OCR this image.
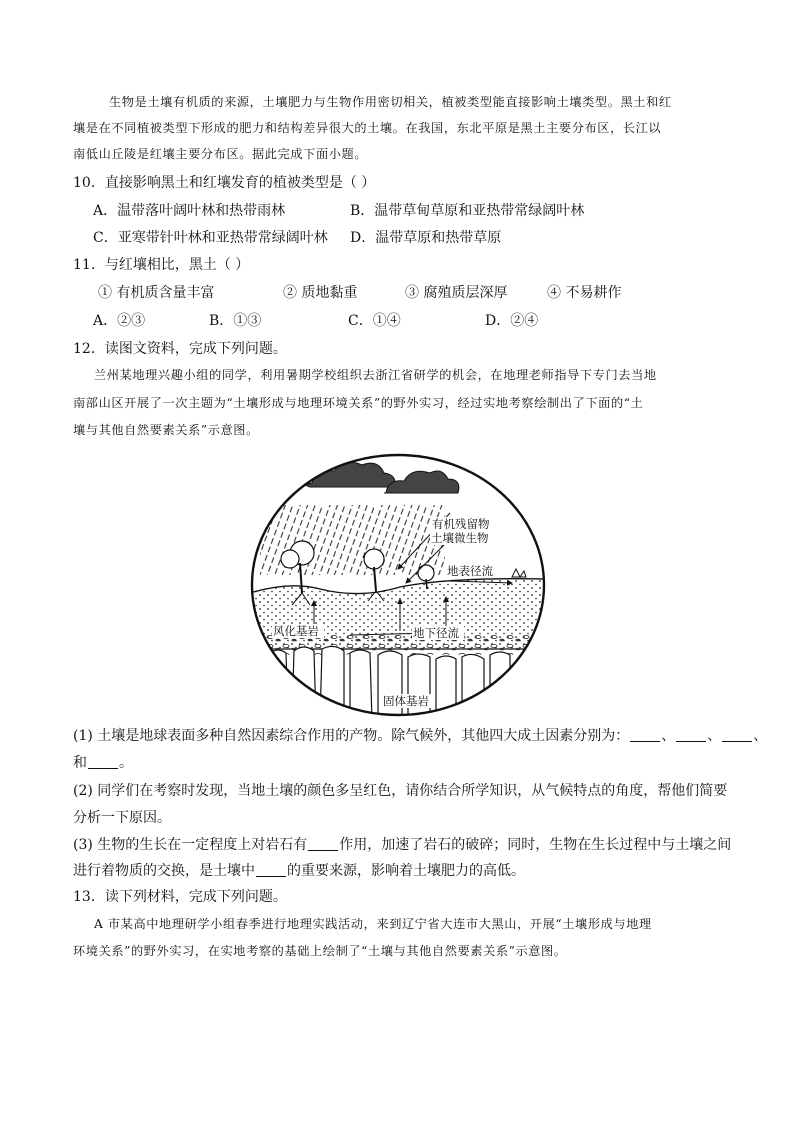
生物是土壤有机质的来源，土壤肥力与生物作用密切相关，植被类型能直接影响土壤类型。黑土和红
壤是在不同植被类型下形成的肥力和结构差异很大的土壤。在我国，东北平原是黑土主要分布区，长江以
南低山丘陵是红壤主要分布区。据此完成下面小题。
10．直接影响黑土和红壤发育的植被类型是（ ）
A．温带落叶阔叶林和热带雨林	B．温带草甸草原和亚热带常绿阔叶林
C．亚寒带针叶林和亚热带常绿阔叶林 D．温带草原和热带草原
11．与红壤相比，黑土（ ）
① 有机质含量丰富	② 质地黏重	③ 腐殖质层深厚	④ 不易耕作
A．②③	B．①③	C．①④	D．②④
12．读图文资料，完成下列问题。
兰州某地理兴趣小组的同学，利用暑期学校组织去浙江省研学的机会，在地理老师指导下专门去当地
南部山区开展了一次主题为“土壤形成与地理环境关系”的野外实习，经过实地考察绘制出了下面的“土
壤与其他自然要素关系”示意图。
有机残留物
土壤微生物
地表径流
风化基岩	地下径流
固体基岩
(1) 土壤是地球表面多种自然因素综合作用的产物。除气候外，其他四大成土因素分别为： 、 、 、
和 。
(2) 同学们在考察时发现，当地土壤的颜色多呈红色，请你结合所学知识，从气候特点的角度，帮他们简要
分析一下原因。
(3) 生物的生长在一定程度上对岩石有 作用，加速了岩石的破碎；同时，生物在生长过程中与土壤之间
进行着物质的交换，是土壤中 的重要来源，影响着土壤肥力的高低。
13．读下列材料，完成下列问题。
A 市某高中地理研学小组春季进行地理实践活动，来到辽宁省大连市大黑山，开展“土壤形成与地理
环境关系”的野外实习，在实地考察的基础上绘制了“土壤与其他自然要素关系”示意图。
